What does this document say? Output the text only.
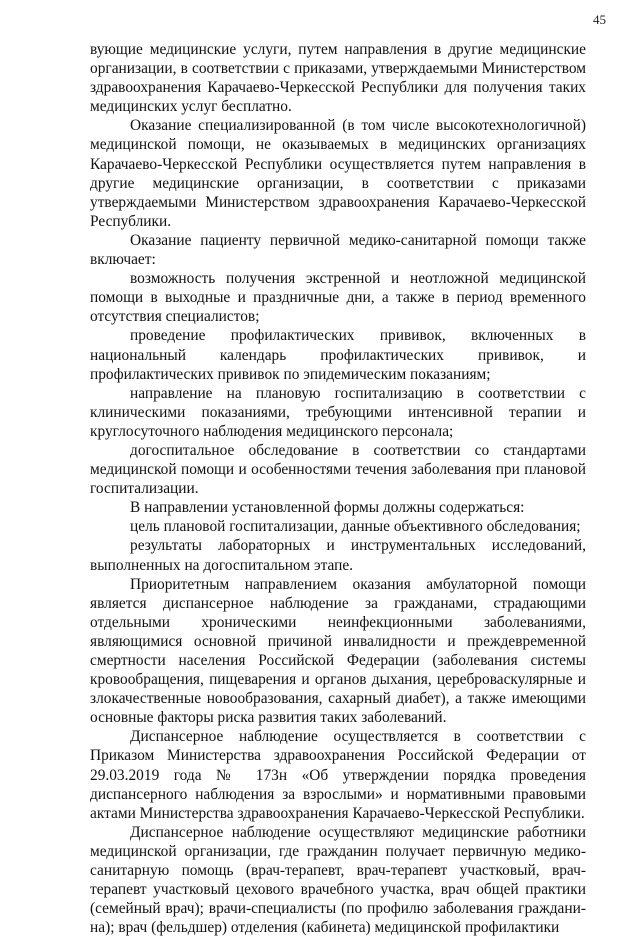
45

вующие медицинские услуги, путем направления в другие медицинские организации, в соответствии с приказами, утверждаемыми Министерством здравоохранения Карачаево-Черкесской Республики для получения таких медицинских услуг бесплатно.

Оказание специализированной (в том числе высокотехнологичной) медицинской помощи, не оказываемых в медицинских организациях Карачаево-Черкесской Республики осуществляется путем направления в другие медицинские организации, в соответствии с приказами утверждаемыми Министерством здравоохранения Карачаево-Черкесской Республики.

Оказание пациенту первичной медико-санитарной помощи также включает:

возможность получения экстренной и неотложной медицинской помощи в выходные и праздничные дни, а также в период временного отсутствия специалистов;

проведение профилактических прививок, включенных в национальный календарь профилактических прививок, и профилактических прививок по эпидемическим показаниям;

направление на плановую госпитализацию в соответствии с клиническими показаниями, требующими интенсивной терапии и круглосуточного наблюдения медицинского персонала;

догоспитальное обследование в соответствии со стандартами медицинской помощи и особенностями течения заболевания при плановой госпитализации.

В направлении установленной формы должны содержаться:

цель плановой госпитализации, данные объективного обследования;

результаты лабораторных и инструментальных исследований, выполненных на догоспитальном этапе.

Приоритетным направлением оказания амбулаторной помощи является диспансерное наблюдение за гражданами, страдающими отдельными хроническими неинфекционными заболеваниями, являющимися основной причиной инвалидности и преждевременной смертности населения Российской Федерации (заболевания системы кровообращения, пищеварения и органов дыхания, цереброваскулярные и злокачественные новообразования, сахарный диабет), а также имеющими основные факторы риска развития таких заболеваний.

Диспансерное наблюдение осуществляется в соответствии с Приказом Министерства здравоохранения Российской Федерации от 29.03.2019 года № 173н «Об утверждении порядка проведения диспансерного наблюдения за взрослыми» и нормативными правовыми актами Министерства здравоохранения Карачаево-Черкесской Республики.

Диспансерное наблюдение осуществляют медицинские работники медицинской организации, где гражданин получает первичную медико-санитарную помощь (врач-терапевт, врач-терапевт участковый, врач-терапевт участковый цехового врачебного участка, врач общей практики (семейный врач); врачи-специалисты (по профилю заболевания граждани-на); врач (фельдшер) отделения (кабинета) медицинской профилактики
